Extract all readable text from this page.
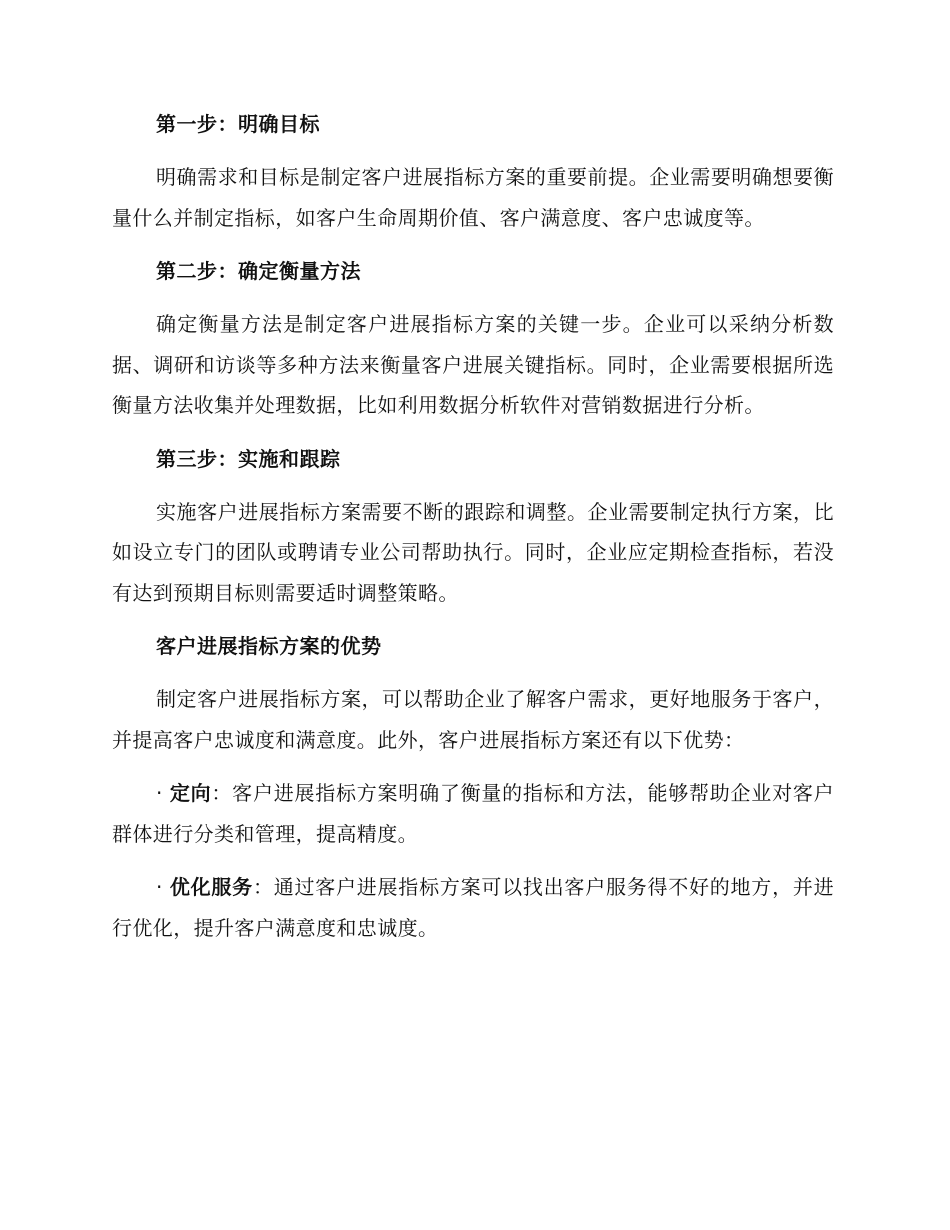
第一步：明确目标

明确需求和目标是制定客户进展指标方案的重要前提。企业需要明确想要衡量什么并制定指标，如客户生命周期价值、客户满意度、客户忠诚度等。

第二步：确定衡量方法

确定衡量方法是制定客户进展指标方案的关键一步。企业可以采纳分析数据、调研和访谈等多种方法来衡量客户进展关键指标。同时，企业需要根据所选衡量方法收集并处理数据，比如利用数据分析软件对营销数据进行分析。

第三步：实施和跟踪

实施客户进展指标方案需要不断的跟踪和调整。企业需要制定执行方案，比如设立专门的团队或聘请专业公司帮助执行。同时，企业应定期检查指标，若没有达到预期目标则需要适时调整策略。

客户进展指标方案的优势

制定客户进展指标方案，可以帮助企业了解客户需求，更好地服务于客户，并提高客户忠诚度和满意度。此外，客户进展指标方案还有以下优势：

· 定向：客户进展指标方案明确了衡量的指标和方法，能够帮助企业对客户群体进行分类和管理，提高精度。

· 优化服务：通过客户进展指标方案可以找出客户服务得不好的地方，并进行优化，提升客户满意度和忠诚度。
